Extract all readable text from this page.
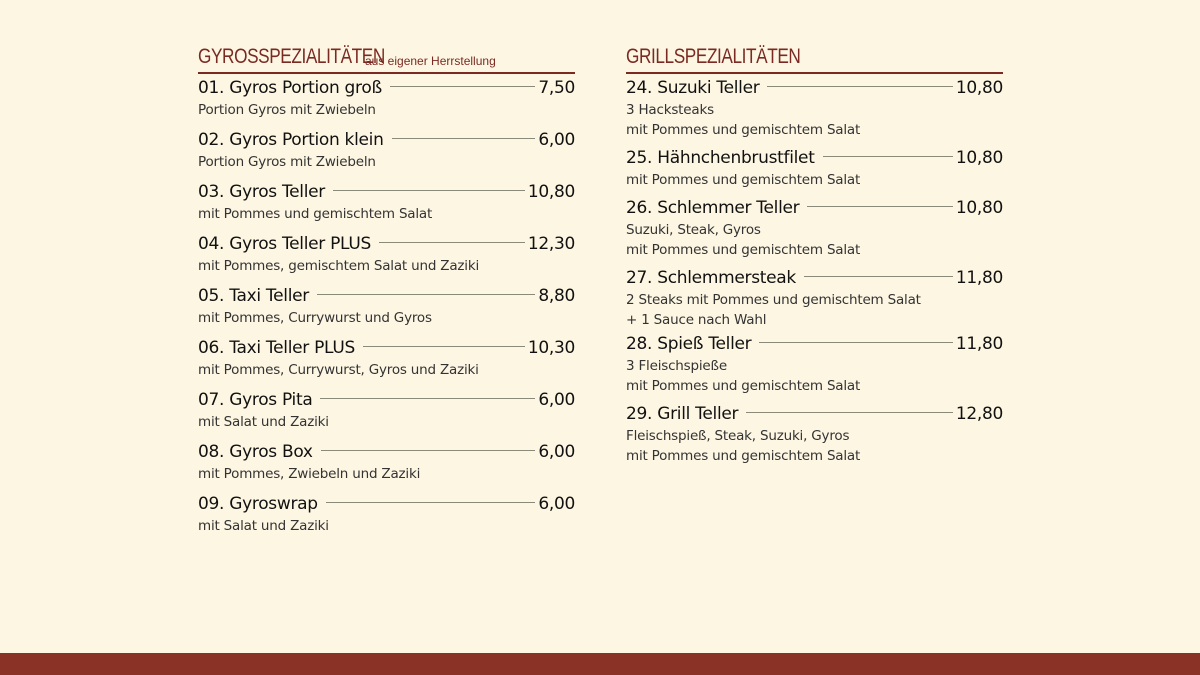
GYROSSPEZIALITÄTEN
aus eigener Herrstellung
01. Gyros Portion groß	7,50
Portion Gyros mit Zwiebeln
02. Gyros Portion klein	6,00
Portion Gyros mit Zwiebeln
03. Gyros Teller	10,80
mit Pommes und gemischtem Salat
04. Gyros Teller PLUS	12,30
mit Pommes, gemischtem Salat und Zaziki
05. Taxi Teller	8,80
mit Pommes, Currywurst und Gyros
06. Taxi Teller PLUS	10,30
mit Pommes, Currywurst, Gyros und Zaziki
07. Gyros Pita	6,00
mit Salat und Zaziki
08. Gyros Box	6,00
mit Pommes, Zwiebeln und Zaziki
09. Gyroswrap	6,00
mit Salat und Zaziki
GRILLSPEZIALITÄTEN
24. Suzuki Teller	10,80
3 Hacksteaks
mit Pommes und gemischtem Salat
25. Hähnchenbrustfilet	10,80
mit Pommes und gemischtem Salat
26. Schlemmer Teller	10,80
Suzuki, Steak, Gyros
mit Pommes und gemischtem Salat
27. Schlemmersteak	11,80
2 Steaks mit Pommes und gemischtem Salat
+ 1 Sauce nach Wahl
28. Spieß Teller	11,80
3 Fleischspieße
mit Pommes und gemischtem Salat
29. Grill Teller	12,80
Fleischspieß, Steak, Suzuki, Gyros
mit Pommes und gemischtem Salat
